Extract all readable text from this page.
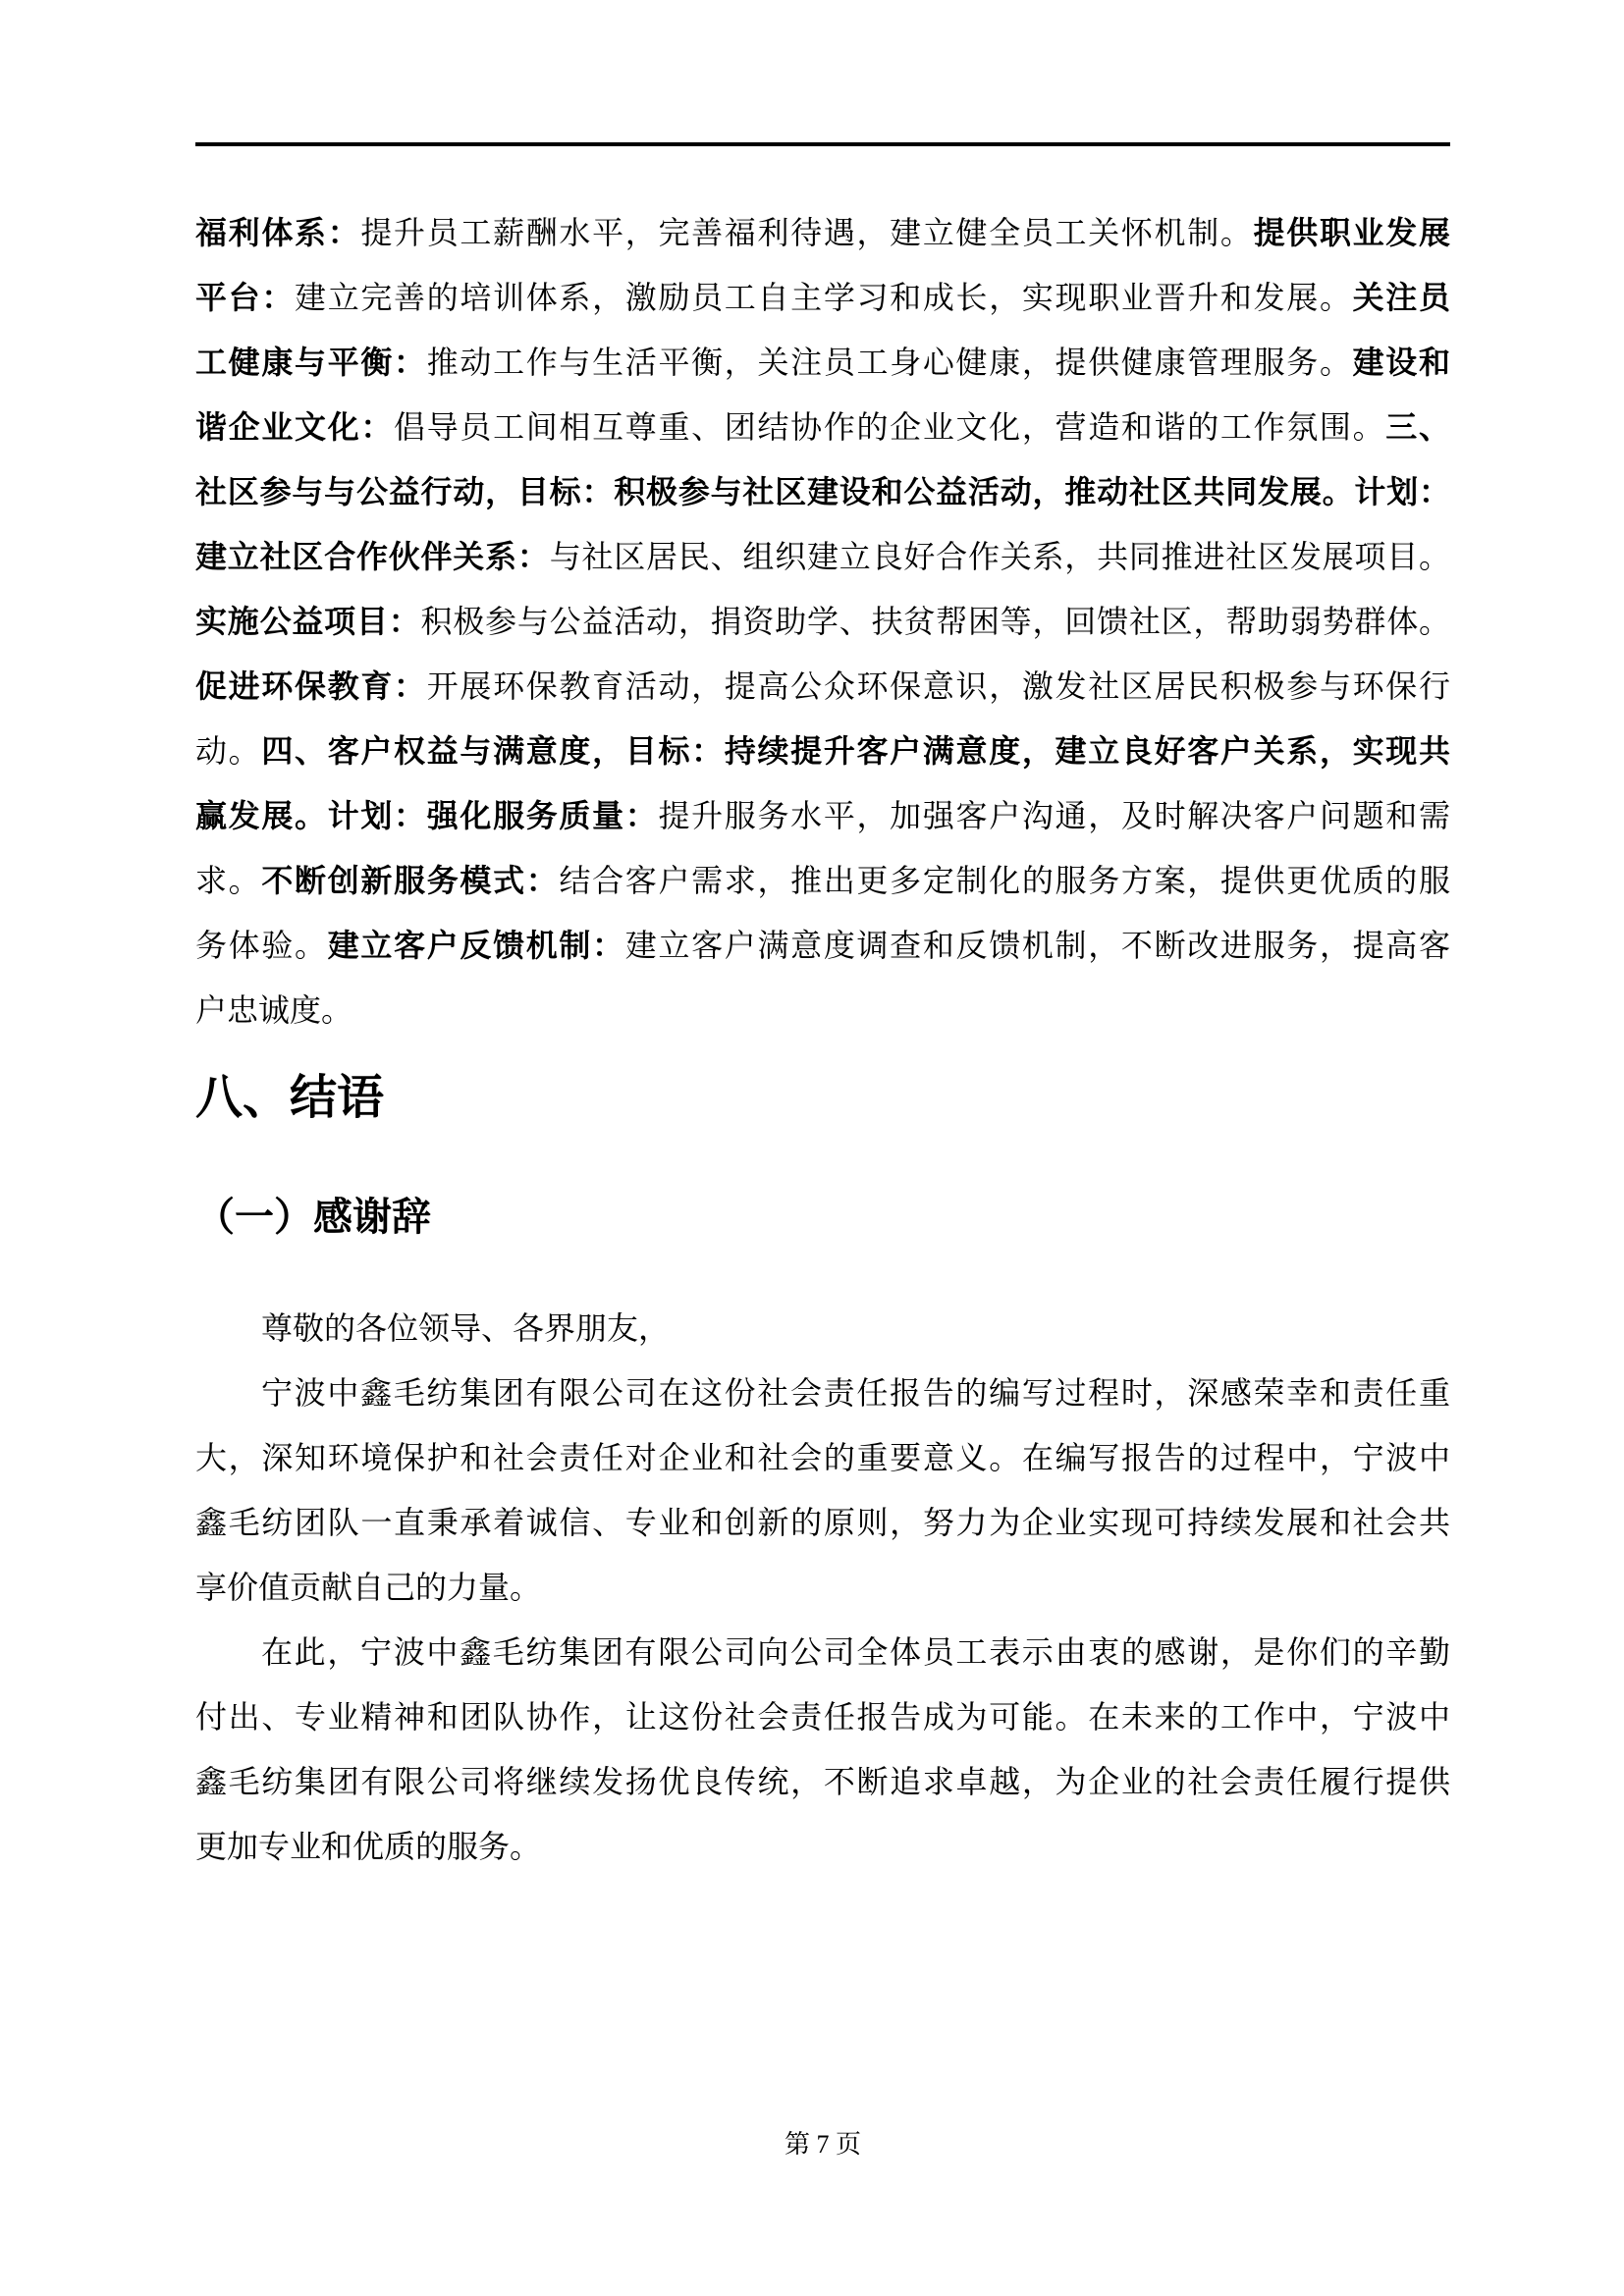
福利体系：提升员工薪酬水平，完善福利待遇，建立健全员工关怀机制。提供职业发展
平台：建立完善的培训体系，激励员工自主学习和成长，实现职业晋升和发展。关注员
工健康与平衡：推动工作与生活平衡，关注员工身心健康，提供健康管理服务。建设和
谐企业文化：倡导员工间相互尊重、团结协作的企业文化，营造和谐的工作氛围。三、
社区参与与公益行动，目标：积极参与社区建设和公益活动，推动社区共同发展。计划：
建立社区合作伙伴关系：与社区居民、组织建立良好合作关系，共同推进社区发展项目。
实施公益项目：积极参与公益活动，捐资助学、扶贫帮困等，回馈社区，帮助弱势群体。
促进环保教育：开展环保教育活动，提高公众环保意识，激发社区居民积极参与环保行
动。四、客户权益与满意度，目标：持续提升客户满意度，建立良好客户关系，实现共
赢发展。计划：强化服务质量：提升服务水平，加强客户沟通，及时解决客户问题和需
求。不断创新服务模式：结合客户需求，推出更多定制化的服务方案，提供更优质的服
务体验。建立客户反馈机制：建立客户满意度调查和反馈机制，不断改进服务，提高客
户忠诚度。
八、结语
（一）感谢辞
尊敬的各位领导、各界朋友，
宁波中鑫毛纺集团有限公司在这份社会责任报告的编写过程时，深感荣幸和责任重
大，深知环境保护和社会责任对企业和社会的重要意义。在编写报告的过程中，宁波中
鑫毛纺团队一直秉承着诚信、专业和创新的原则，努力为企业实现可持续发展和社会共
享价值贡献自己的力量。
在此，宁波中鑫毛纺集团有限公司向公司全体员工表示由衷的感谢，是你们的辛勤
付出、专业精神和团队协作，让这份社会责任报告成为可能。在未来的工作中，宁波中
鑫毛纺集团有限公司将继续发扬优良传统，不断追求卓越，为企业的社会责任履行提供
更加专业和优质的服务。
第 7 页
